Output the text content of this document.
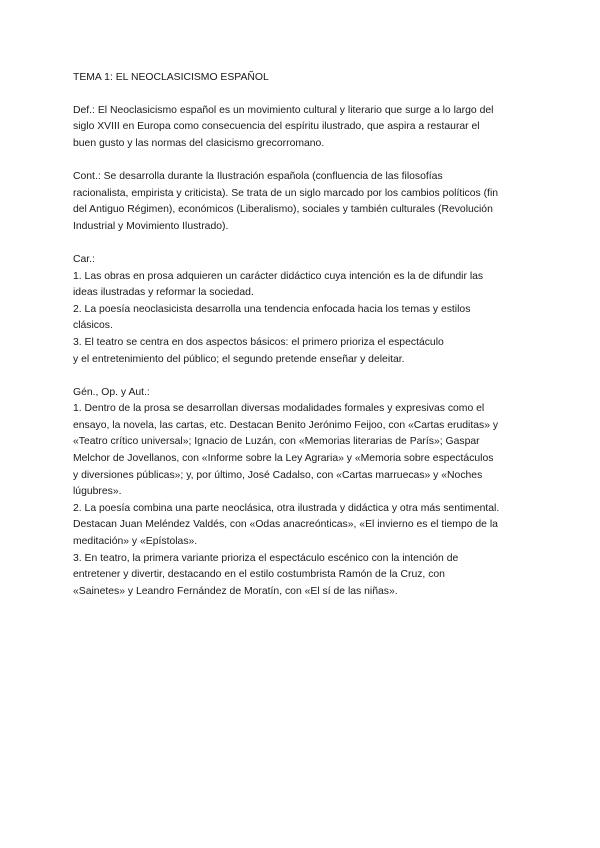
TEMA 1: EL NEOCLASICISMO ESPAÑOL

Def.: El Neoclasicismo español es un movimiento cultural y literario que surge a lo largo del
siglo XVIII en Europa como consecuencia del espíritu ilustrado, que aspira a restaurar el
buen gusto y las normas del clasicismo grecorromano.

Cont.: Se desarrolla durante la Ilustración española (confluencia de las filosofías
racionalista, empirista y criticista). Se trata de un siglo marcado por los cambios políticos (fin
del Antiguo Régimen), económicos (Liberalismo), sociales y también culturales (Revolución
Industrial y Movimiento Ilustrado).

Car.:
1. Las obras en prosa adquieren un carácter didáctico cuya intención es la de difundir las
ideas ilustradas y reformar la sociedad.
2. La poesía neoclasicista desarrolla una tendencia enfocada hacia los temas y estilos
clásicos.
3. El teatro se centra en dos aspectos básicos: el primero prioriza el espectáculo
y el entretenimiento del público; el segundo pretende enseñar y deleitar.

Gén., Op. y Aut.:
1. Dentro de la prosa se desarrollan diversas modalidades formales y expresivas como el
ensayo, la novela, las cartas, etc. Destacan Benito Jerónimo Feijoo, con «Cartas eruditas» y
«Teatro crítico universal»; Ignacio de Luzán, con «Memorias literarias de París»; Gaspar
Melchor de Jovellanos, con «Informe sobre la Ley Agraria» y «Memoria sobre espectáculos
y diversiones públicas»; y, por último, José Cadalso, con «Cartas marruecas» y «Noches
lúgubres».
2. La poesía combina una parte neoclásica, otra ilustrada y didáctica y otra más sentimental.
Destacan Juan Meléndez Valdés, con «Odas anacreónticas», «El invierno es el tiempo de la
meditación» y «Epístolas».
3. En teatro, la primera variante prioriza el espectáculo escénico con la intención de
entretener y divertir, destacando en el estilo costumbrista Ramón de la Cruz, con
«Sainetes» y Leandro Fernández de Moratín, con «El sí de las niñas».
